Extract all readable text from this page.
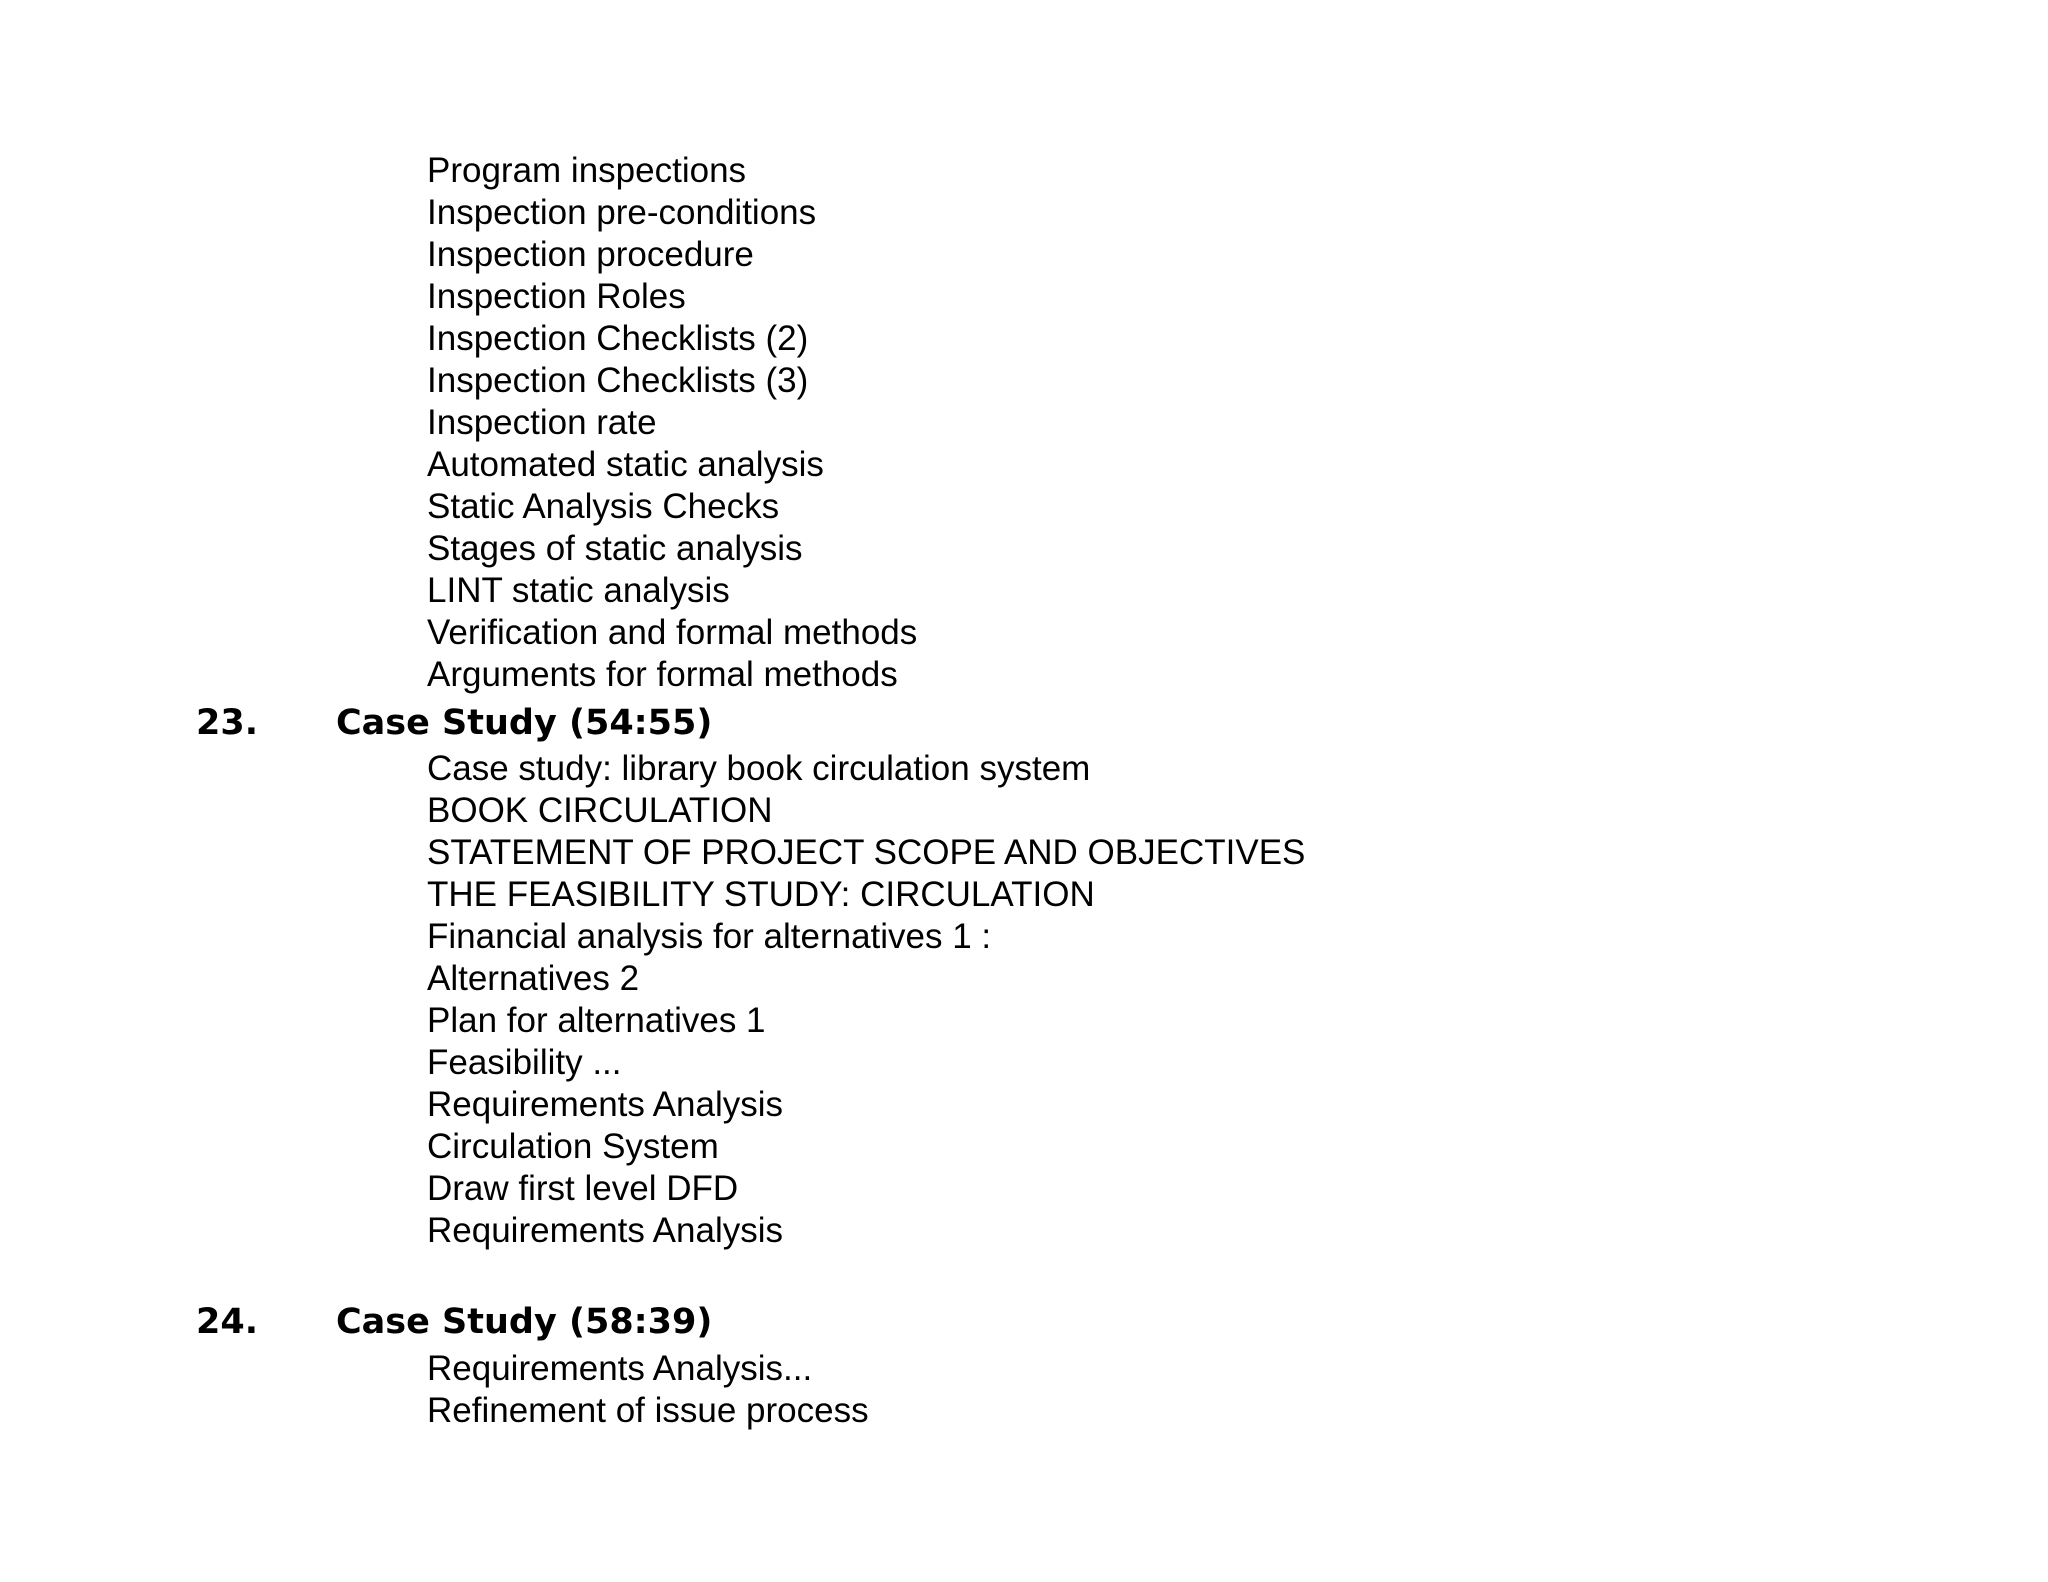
Program inspections
Inspection pre-conditions
Inspection procedure
Inspection Roles
Inspection Checklists (2)
Inspection Checklists (3)
Inspection rate
Automated static analysis
Static Analysis Checks
Stages of static analysis
LINT static analysis
Verification and formal methods
Arguments for formal methods
23. Case Study (54:55)
Case study: library book circulation system
BOOK CIRCULATION
STATEMENT OF PROJECT SCOPE AND OBJECTIVES
THE FEASIBILITY STUDY: CIRCULATION
Financial analysis for alternatives 1 :
Alternatives 2
Plan for alternatives 1
Feasibility ...
Requirements Analysis
Circulation System
Draw first level DFD
Requirements Analysis
24. Case Study (58:39)
Requirements Analysis...
Refinement of issue process
